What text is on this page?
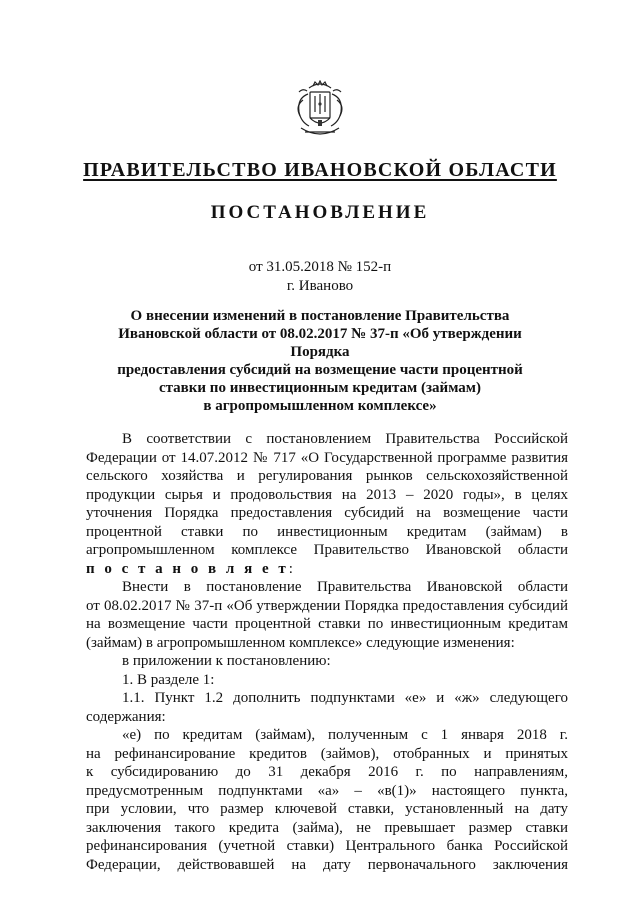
ПРАВИТЕЛЬСТВО ИВАНОВСКОЙ ОБЛАСТИ
ПОСТАНОВЛЕНИЕ
от 31.05.2018 № 152-п
г. Иваново
О внесении изменений в постановление Правительства
Ивановской области от 08.02.2017 № 37-п «Об утверждении Порядка
предоставления субсидий на возмещение части процентной
ставки по инвестиционным кредитам (займам)
в агропромышленном комплексе»

В соответствии с постановлением Правительства Российской

Федерации от 14.07.2012 № 717 «О Государственной программе развития

сельского хозяйства и регулирования рынков сельскохозяйственной

продукции сырья и продовольствия на 2013 – 2020 годы», в целях

уточнения Порядка предоставления субсидий на возмещение части

процентной ставки по инвестиционным кредитам (займам) в

агропромышленном комплексе Правительство Ивановской области

п о с т а н о в л я е т:

Внести в постановление Правительства Ивановской области

от 08.02.2017 № 37-п «Об утверждении Порядка предоставления субсидий

на возмещение части процентной ставки по инвестиционным кредитам

(займам) в агропромышленном комплексе» следующие изменения:

в приложении к постановлению:

1. В разделе 1:

1.1. Пункт 1.2 дополнить подпунктами «е» и «ж» следующего

содержания:

«е) по кредитам (займам), полученным с 1 января 2018 г.

на рефинансирование кредитов (займов), отобранных и принятых

к субсидированию до 31 декабря 2016 г. по направлениям,

предусмотренным подпунктами «а» – «в(1)» настоящего пункта,

при условии, что размер ключевой ставки, установленный на дату

заключения такого кредита (займа), не превышает размер ставки

рефинансирования (учетной ставки) Центрального банка Российской

Федерации, действовавшей на дату первоначального заключения
